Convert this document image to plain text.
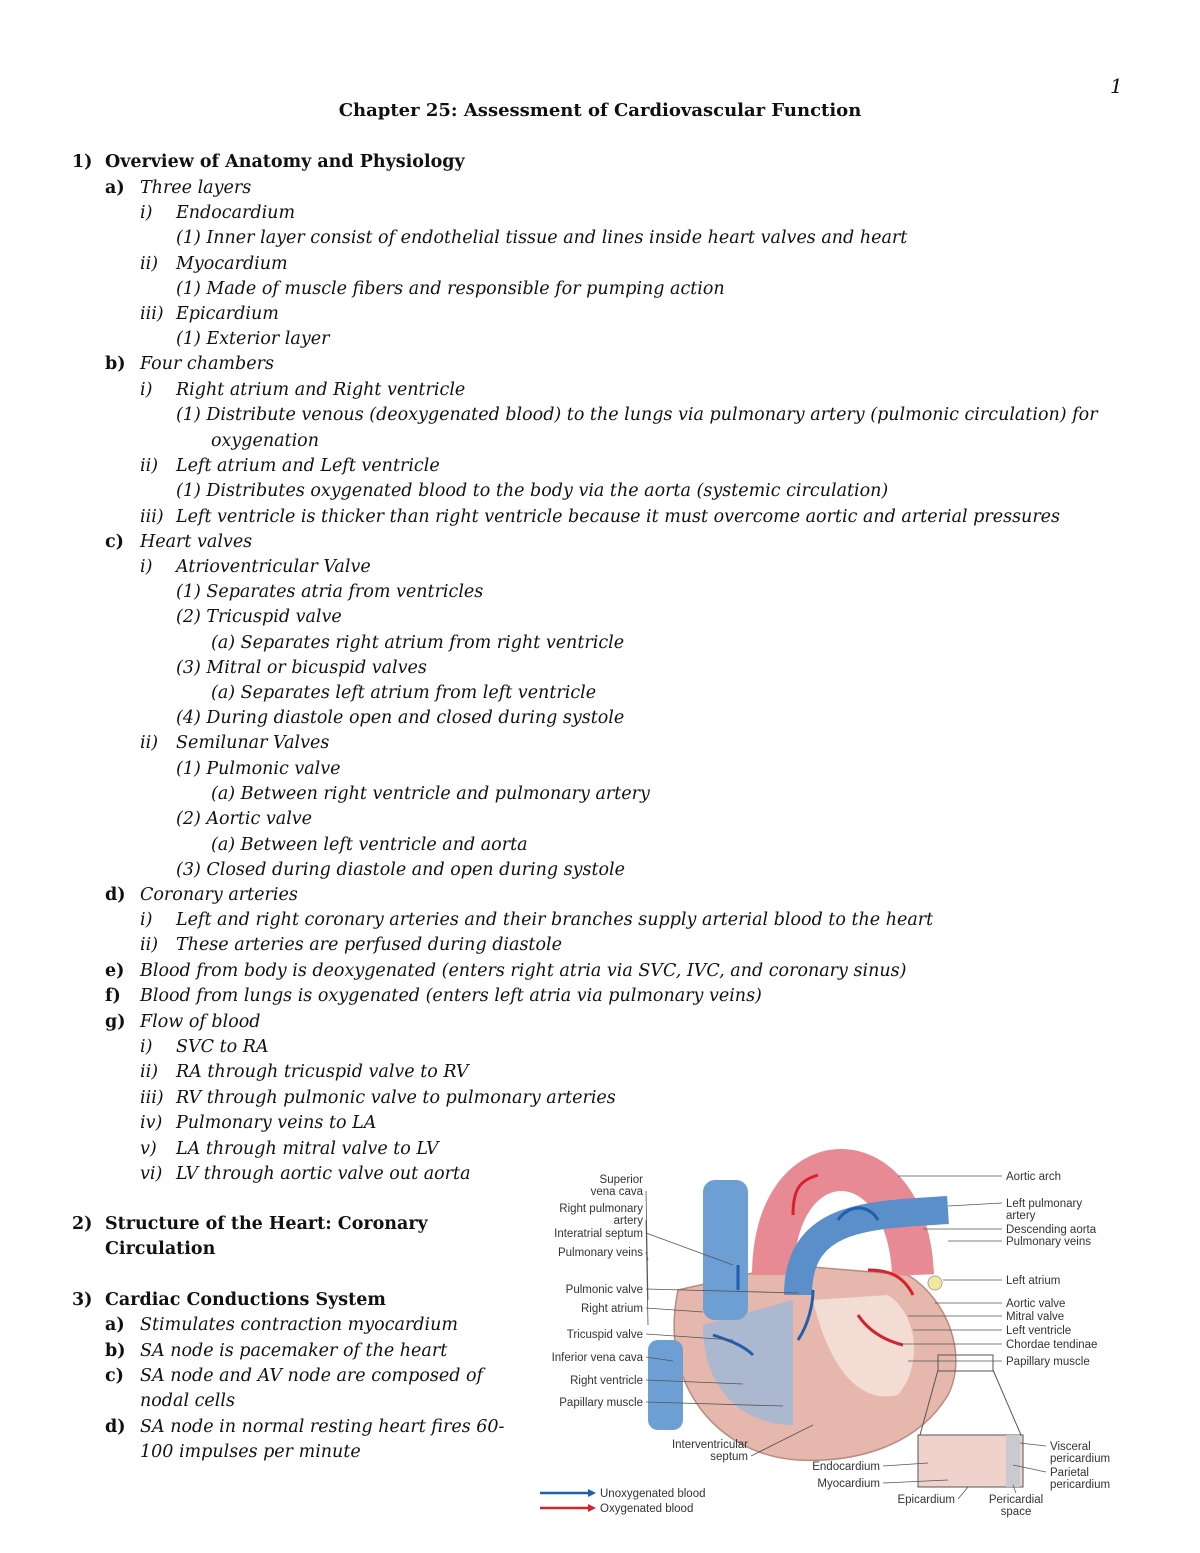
1
Chapter 25: Assessment of Cardiovascular Function
1) Overview of Anatomy and Physiology
a) Three layers
i) Endocardium
(1) Inner layer consist of endothelial tissue and lines inside heart valves and heart
ii) Myocardium
(1) Made of muscle fibers and responsible for pumping action
iii) Epicardium
(1) Exterior layer
b) Four chambers
i) Right atrium and Right ventricle
(1) Distribute venous (deoxygenated blood) to the lungs via pulmonary artery (pulmonic circulation) for
oxygenation
ii) Left atrium and Left ventricle
(1) Distributes oxygenated blood to the body via the aorta (systemic circulation)
iii) Left ventricle is thicker than right ventricle because it must overcome aortic and arterial pressures
c) Heart valves
i) Atrioventricular Valve
(1) Separates atria from ventricles
(2) Tricuspid valve
(a) Separates right atrium from right ventricle
(3) Mitral or bicuspid valves
(a) Separates left atrium from left ventricle
(4) During diastole open and closed during systole
ii) Semilunar Valves
(1) Pulmonic valve
(a) Between right ventricle and pulmonary artery
(2) Aortic valve
(a) Between left ventricle and aorta
(3) Closed during diastole and open during systole
d) Coronary arteries
i) Left and right coronary arteries and their branches supply arterial blood to the heart
ii) These arteries are perfused during diastole
e) Blood from body is deoxygenated (enters right atria via SVC, IVC, and coronary sinus)
f) Blood from lungs is oxygenated (enters left atria via pulmonary veins)
g) Flow of blood
i) SVC to RA
ii) RA through tricuspid valve to RV
iii) RV through pulmonic valve to pulmonary arteries
iv) Pulmonary veins to LA
v) LA through mitral valve to LV
vi) LV through aortic valve out aorta
2) Structure of the Heart: Coronary
Circulation
3) Cardiac Conductions System
a) Stimulates contraction myocardium
b) SA node is pacemaker of the heart
c) SA node and AV node are composed of
nodal cells
d) SA node in normal resting heart fires 60-
100 impulses per minute
Superior
vena cava
Right pulmonary
artery
Interatrial septum
Pulmonary veins
Pulmonic valve
Right atrium
Tricuspid valve
Inferior vena cava
Right ventricle
Papillary muscle
Interventricular
septum
Aortic arch
Left pulmonary
artery
Descending aorta
Pulmonary veins
Left atrium
Aortic valve
Mitral valve
Left ventricle
Chordae tendinae
Papillary muscle
Endocardium
Myocardium
Epicardium
Visceral
pericardium
Parietal
pericardium
Pericardial
space
Unoxygenated blood
Oxygenated blood
